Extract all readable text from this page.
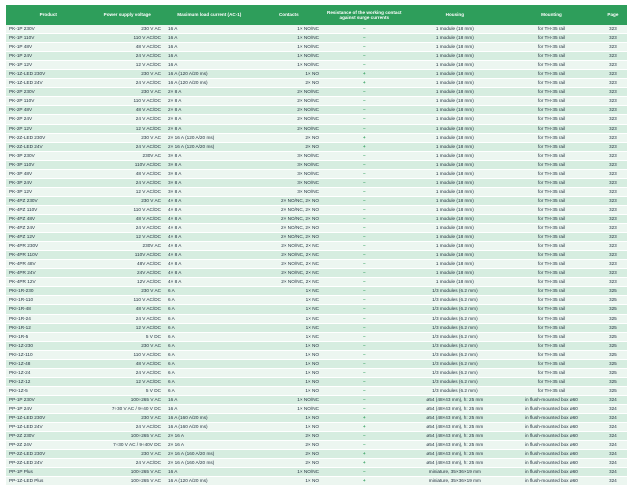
Product	Power supply voltage	Maximum load current (AC-1)	Contacts	Resistance of the working contact against surge currents	Housing	Mounting	Page
PK-1P 230V	230 V AC	16 A	1× NO/NC	–	1 module (18 mm)	for TH-35 rail	323
PK-1P 110V	110 V AC/DC	16 A	1× NO/NC	–	1 module (18 mm)	for TH-35 rail	323
PK-1P 48V	48 V AC/DC	16 A	1× NO/NC	–	1 module (18 mm)	for TH-35 rail	323
PK-1P 24V	24 V AC/DC	16 A	1× NO/NC	–	1 module (18 mm)	for TH-35 rail	323
PK-1P 12V	12 V AC/DC	16 A	1× NO/NC	–	1 module (18 mm)	for TH-35 rail	323
PK-1Z-LED 230V	230 V AC	16 A (120 A/20 ms)	1× NO	+	1 module (18 mm)	for TH-35 rail	323
PK-1Z-LED 24V	24 V AC/DC	16 A (120 A/20 ms)	2× NO	+	1 module (18 mm)	for TH-35 rail	323
PK-2P 230V	230 V AC	2× 8 A	2× NO/NC	–	1 module (18 mm)	for TH-35 rail	323
PK-2P 110V	110 V AC/DC	2× 8 A	2× NO/NC	–	1 module (18 mm)	for TH-35 rail	323
PK-2P 48V	48 V AC/DC	2× 8 A	2× NO/NC	–	1 module (18 mm)	for TH-35 rail	323
PK-2P 24V	24 V AC/DC	2× 8 A	2× NO/NC	–	1 module (18 mm)	for TH-35 rail	323
PK-2P 12V	12 V AC/DC	2× 8 A	2× NO/NC	–	1 module (18 mm)	for TH-35 rail	323
PK-2Z-LED 230V	230 V AC	2× 16 A (120 A/20 ms)	2× NO	+	1 module (18 mm)	for TH-35 rail	323
PK-2Z-LED 24V	24 V AC/DC	2× 16 A (120 A/20 ms)	2× NO	+	1 module (18 mm)	for TH-35 rail	323
PK-3P 230V	230V AC	3× 8 A	3× NO/NC	–	1 module (18 mm)	for TH-35 rail	323
PK-3P 110V	110V AC/DC	3× 8 A	3× NO/NC	–	1 module (18 mm)	for TH-35 rail	323
PK-3P 48V	48 V AC/DC	3× 8 A	3× NO/NC	–	1 module (18 mm)	for TH-35 rail	323
PK-3P 24V	24 V AC/DC	3× 8 A	3× NO/NC	–	1 module (18 mm)	for TH-35 rail	323
PK-3P 12V	12 V AC/DC	3× 8 A	3× NO/NC	–	1 module (18 mm)	for TH-35 rail	323
PK-4PZ 230V	230 V AC	4× 8 A	2× NO/NC, 2× NO	–	1 module (18 mm)	for TH-35 rail	323
PK-4PZ 110V	110 V AC/DC	4× 8 A	2× NO/NC, 2× NO	–	1 module (18 mm)	for TH-35 rail	323
PK-4PZ 48V	48 V AC/DC	4× 8 A	2× NO/NC, 2× NO	–	1 module (18 mm)	for TH-35 rail	323
PK-4PZ 24V	24 V AC/DC	4× 8 A	2× NO/NC, 2× NO	–	1 module (18 mm)	for TH-35 rail	323
PK-4PZ 12V	12 V AC/DC	4× 8 A	2× NO/NC, 2× NO	–	1 module (18 mm)	for TH-35 rail	323
PK-4PR 230V	230V AC	4× 8 A	2× NO/NC, 2× NC	–	1 module (18 mm)	for TH-35 rail	323
PK-4PR 110V	110V AC/DC	4× 8 A	2× NO/NC, 2× NC	–	1 module (18 mm)	for TH-35 rail	323
PK-4PR 48V	48V AC/DC	4× 8 A	2× NO/NC, 2× NC	–	1 module (18 mm)	for TH-35 rail	323
PK-4PR 24V	24V AC/DC	4× 8 A	2× NO/NC, 2× NC	–	1 module (18 mm)	for TH-35 rail	323
PK-4PR 12V	12V AC/DC	4× 8 A	2× NO/NC, 2× NC	–	1 module (18 mm)	for TH-35 rail	323
PKI-1R-230	230 V AC	6 A	1× NC	–	1/3 modules (6.2 mm)	for TH-35 rail	325
PKI-1R-110	110 V AC/DC	6 A	1× NC	–	1/3 modules (6.2 mm)	for TH-35 rail	325
PKI-1R-48	48 V AC/DC	6 A	1× NC	–	1/3 modules (6.2 mm)	for TH-35 rail	325
PKI-1R-24	24 V AC/DC	6 A	1× NC	–	1/3 modules (6.2 mm)	for TH-35 rail	325
PKI-1R-12	12 V AC/DC	6 A	1× NC	–	1/3 modules (6.2 mm)	for TH-35 rail	325
PKI-1R-5	5 V DC	6 A	1× NC	–	1/3 modules (6.2 mm)	for TH-35 rail	325
PKI-1Z-230	230 V AC	6 A	1× NO	–	1/3 modules (6.2 mm)	for TH-35 rail	325
PKI-1Z-110	110 V AC/DC	6 A	1× NO	–	1/3 modules (6.2 mm)	for TH-35 rail	325
PKI-1Z-48	48 V AC/DC	6 A	1× NO	–	1/3 modules (6.2 mm)	for TH-35 rail	325
PKI-1Z-24	24 V AC/DC	6 A	1× NO	–	1/3 modules (6.2 mm)	for TH-35 rail	325
PKI-1Z-12	12 V AC/DC	6 A	1× NO	–	1/3 modules (6.2 mm)	for TH-35 rail	325
PKI-1Z-5	5 V DC	6 A	1× NO	–	1/3 modules (6.2 mm)	for TH-35 rail	325
PP-1P 230V	100÷265 V AC	16 A	1× NO/NC	–	ø54 (48×43 mm), h: 25 mm	in flush-mounted box ø60	324
PP-1P 24V	7÷30 V AC / 9÷40 V DC	16 A	1× NO/NC	–	ø54 (48×43 mm), h: 25 mm	in flush-mounted box ø60	324
PP-1Z-LED 230V	230 V AC	16 A (160 A/20 ms)	1× NO	+	ø54 (48×43 mm), h: 25 mm	in flush-mounted box ø60	324
PP-1Z-LED 24V	24 V AC/DC	16 A (160 A/20 ms)	1× NO	+	ø54 (48×43 mm), h: 25 mm	in flush-mounted box ø60	324
PP-2Z 230V	100÷265 V AC	2× 16 A	2× NO	–	ø54 (48×43 mm), h: 25 mm	in flush-mounted box ø60	324
PP-2Z 24V	7÷30 V AC / 9÷40V DC	2× 16 A	2× NO	–	ø54 (48×43 mm), h: 25 mm	in flush-mounted box ø60	324
PP-2Z-LED 230V	230 V AC	2× 16 A (160 A/20 ms)	2× NO	+	ø54 (48×43 mm), h: 25 mm	in flush-mounted box ø60	324
PP-2Z-LED 24V	24 V AC/DC	2× 16 A (160 A/20 ms)	2× NO	+	ø54 (48×43 mm), h: 25 mm	in flush-mounted box ø60	324
PP-1P Plus	100÷265 V AC	16 A	1× NO/NC	–	miniature, 35×36×19 mm	in flush-mounted box ø60	324
PP-1Z-LED Plus	100÷265 V AC	16 A (120 A/20 ms)	1× NO	+	miniature, 35×36×19 mm	in flush-mounted box ø60	324
